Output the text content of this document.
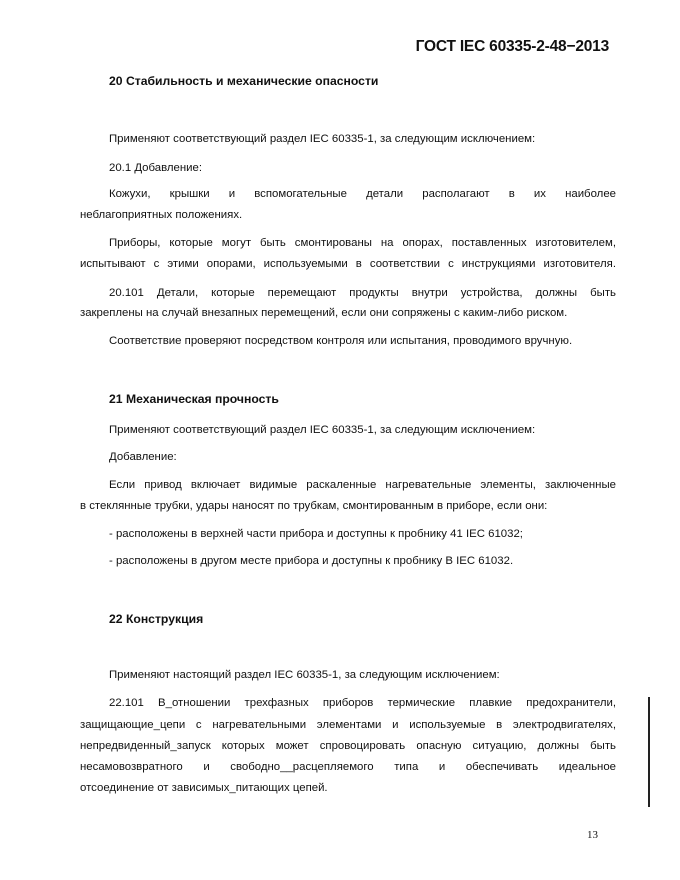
ГОСТ IEC 60335-2-48−2013
20 Стабильность и механические опасности
Применяют соответствующий раздел IEC 60335-1, за следующим исключением:
20.1 Добавление:
Кожухи, крышки и вспомогательные детали располагают в их наиболее
неблагоприятных положениях.
Приборы, которые могут быть смонтированы на опорах, поставленных изготовителем,
испытывают с этими опорами, используемыми в соответствии с инструкциями изготовителя.
20.101 Детали, которые перемещают продукты внутри устройства, должны быть
закреплены на случай внезапных перемещений, если они сопряжены с каким-либо риском.
Соответствие проверяют посредством контроля или испытания, проводимого вручную.
21 Механическая прочность
Применяют соответствующий раздел IEC 60335-1, за следующим исключением:
Добавление:
Если привод включает видимые раскаленные нагревательные элементы, заключенные
в стеклянные трубки, удары наносят по трубкам, смонтированным в приборе, если они:
- расположены в верхней части прибора и доступны к пробнику 41 IEC 61032;
- расположены в другом месте прибора и доступны к пробнику B IEC 61032.
22 Конструкция
Применяют настоящий раздел IEC 60335-1, за следующим исключением:
22.101 В_отношении трехфазных приборов термические плавкие предохранители,
защищающие_цепи с нагревательными элементами и используемые в электродвигателях,
непредвиденный_запуск которых может спровоцировать опасную ситуацию, должны быть
несамовозвратного и свободно__расцепляемого типа и обеспечивать идеальное
отсоединение от зависимых_питающих цепей.
13
